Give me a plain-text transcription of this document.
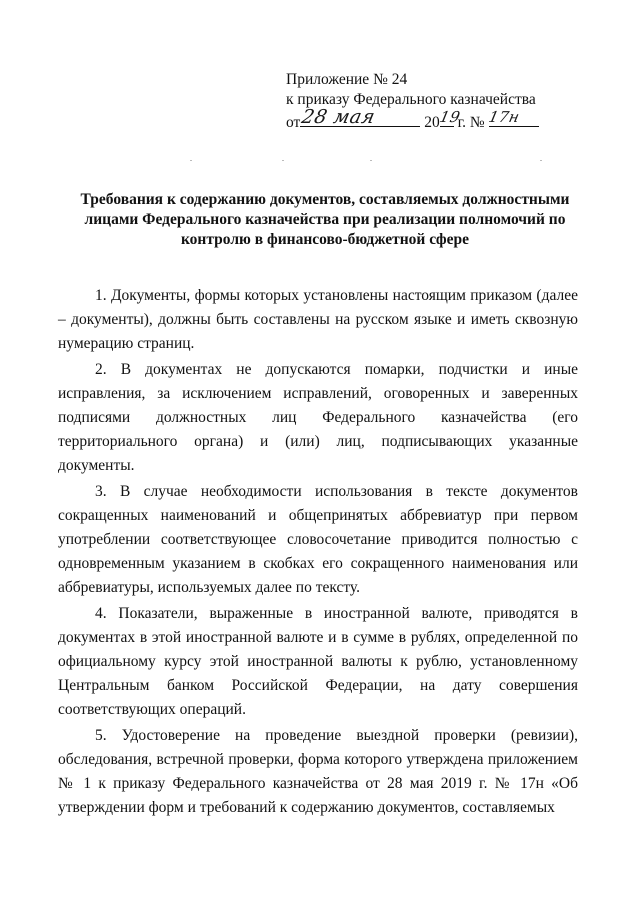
Приложение № 24
к приказу Федерального казначейства
от 28 мая	20
19
г. № 17н
Требования к содержанию документов, составляемых должностными лицами Федерального казначейства при реализации полномочий по контролю в финансово-бюджетной сфере

1. Документы, формы которых установлены настоящим приказом (далее – документы), должны быть составлены на русском языке и иметь сквозную нумерацию страниц.

2. В документах не допускаются помарки, подчистки и иные исправления, за исключением исправлений, оговоренных и заверенных подписями должностных лиц Федерального казначейства (его территориального органа) и (или) лиц, подписывающих указанные документы.

3. В случае необходимости использования в тексте документов сокращенных наименований и общепринятых аббревиатур при первом употреблении соответствующее словосочетание приводится полностью с одновременным указанием в скобках его сокращенного наименования или аббревиатуры, используемых далее по тексту.

4. Показатели, выраженные в иностранной валюте, приводятся в документах в этой иностранной валюте и в сумме в рублях, определенной по официальному курсу этой иностранной валюты к рублю, установленному Центральным банком Российской Федерации, на дату совершения соответствующих операций.

5. Удостоверение на проведение выездной проверки (ревизии), обследования, встречной проверки, форма которого утверждена приложением № 1 к приказу Федерального казначейства от 28 мая 2019 г. № 17н «Об утверждении форм и требований к содержанию документов, составляемых
